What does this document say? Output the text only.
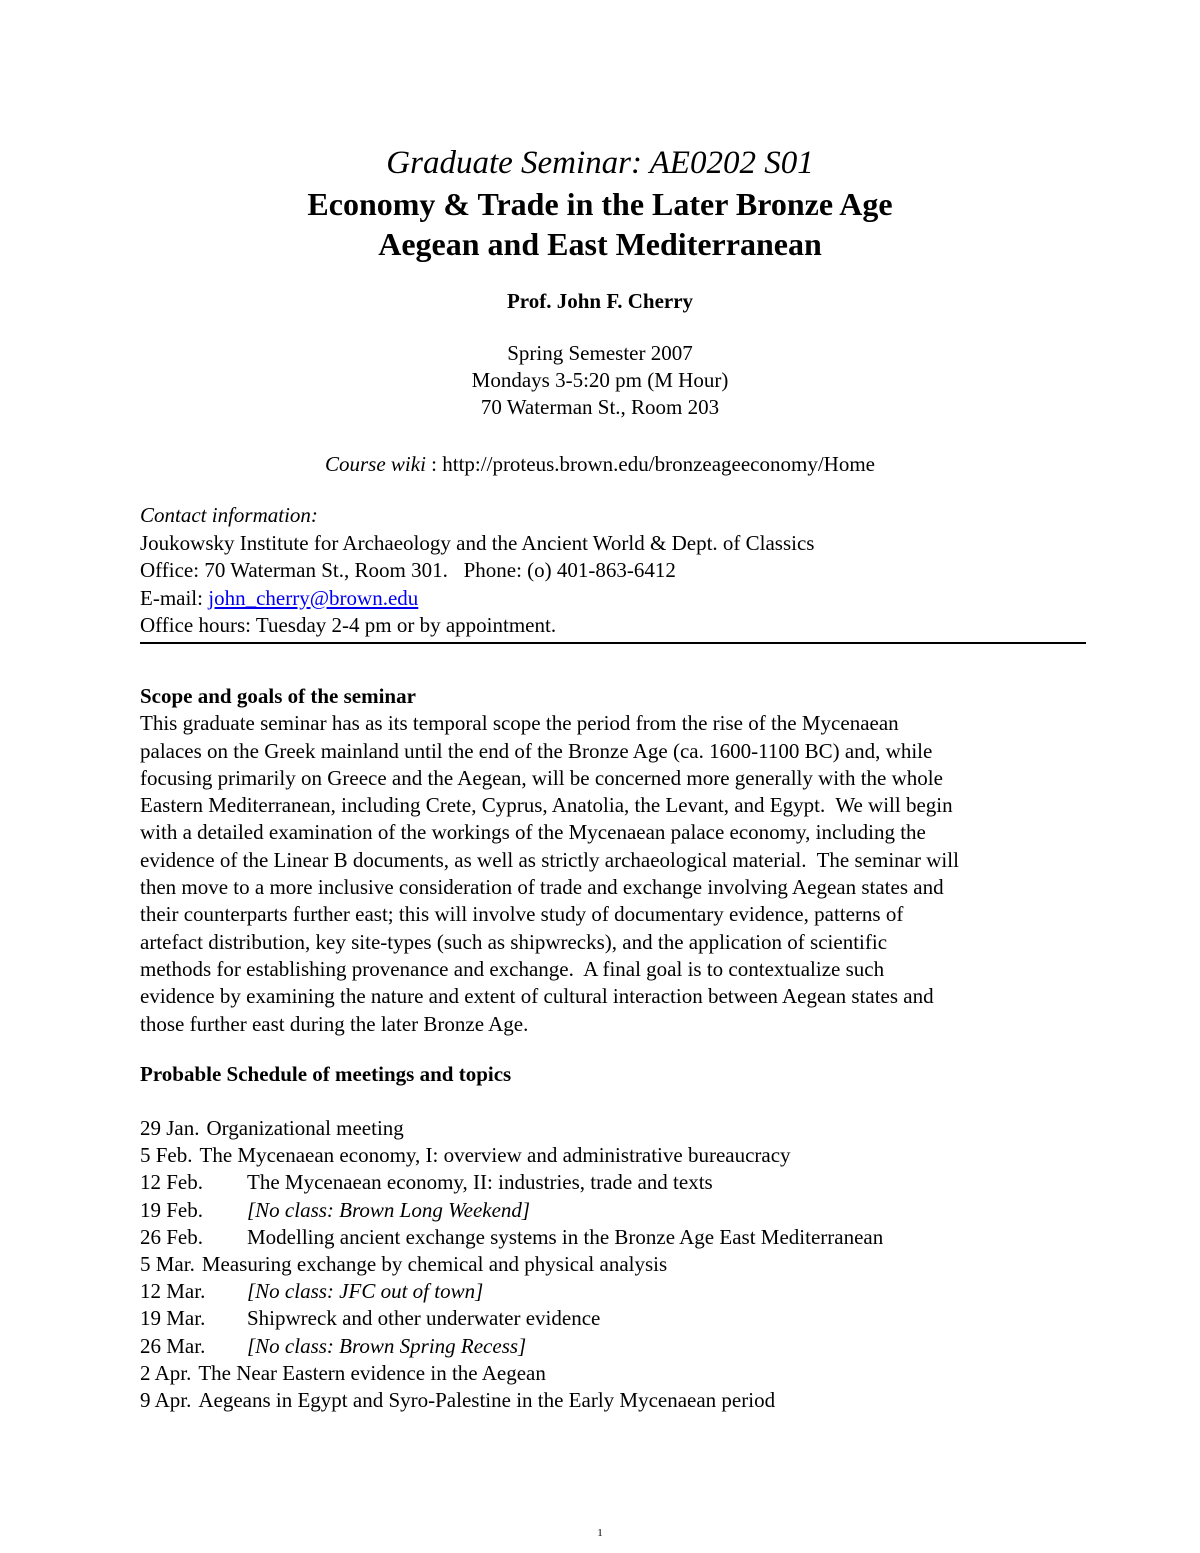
Graduate Seminar: AE0202 S01
Economy & Trade in the Later Bronze Age
Aegean and East Mediterranean
Prof. John F. Cherry
Spring Semester 2007
Mondays 3-5:20 pm (M Hour)
70 Waterman St., Room 203
Course wiki : http://proteus.brown.edu/bronzeageeconomy/Home
Contact information:
Joukowsky Institute for Archaeology and the Ancient World & Dept. of Classics
Office: 70 Waterman St., Room 301.   Phone: (o) 401-863-6412
E-mail: john_cherry@brown.edu
Office hours: Tuesday 2-4 pm or by appointment.
Scope and goals of the seminar
This graduate seminar has as its temporal scope the period from the rise of the Mycenaean
palaces on the Greek mainland until the end of the Bronze Age (ca. 1600-1100 BC) and, while
focusing primarily on Greece and the Aegean, will be concerned more generally with the whole
Eastern Mediterranean, including Crete, Cyprus, Anatolia, the Levant, and Egypt.  We will begin
with a detailed examination of the workings of the Mycenaean palace economy, including the
evidence of the Linear B documents, as well as strictly archaeological material.  The seminar will
then move to a more inclusive consideration of trade and exchange involving Aegean states and
their counterparts further east; this will involve study of documentary evidence, patterns of
artefact distribution, key site-types (such as shipwrecks), and the application of scientific
methods for establishing provenance and exchange.  A final goal is to contextualize such
evidence by examining the nature and extent of cultural interaction between Aegean states and
those further east during the later Bronze Age.
Probable Schedule of meetings and topics
29 Jan. Organizational meeting
5 Feb. The Mycenaean economy, I: overview and administrative bureaucracy
12 Feb. The Mycenaean economy, II: industries, trade and texts
19 Feb. [No class: Brown Long Weekend]
26 Feb. Modelling ancient exchange systems in the Bronze Age East Mediterranean
5 Mar. Measuring exchange by chemical and physical analysis
12 Mar. [No class: JFC out of town]
19 Mar. Shipwreck and other underwater evidence
26 Mar. [No class: Brown Spring Recess]
2 Apr. The Near Eastern evidence in the Aegean
9 Apr. Aegeans in Egypt and Syro-Palestine in the Early Mycenaean period
1
